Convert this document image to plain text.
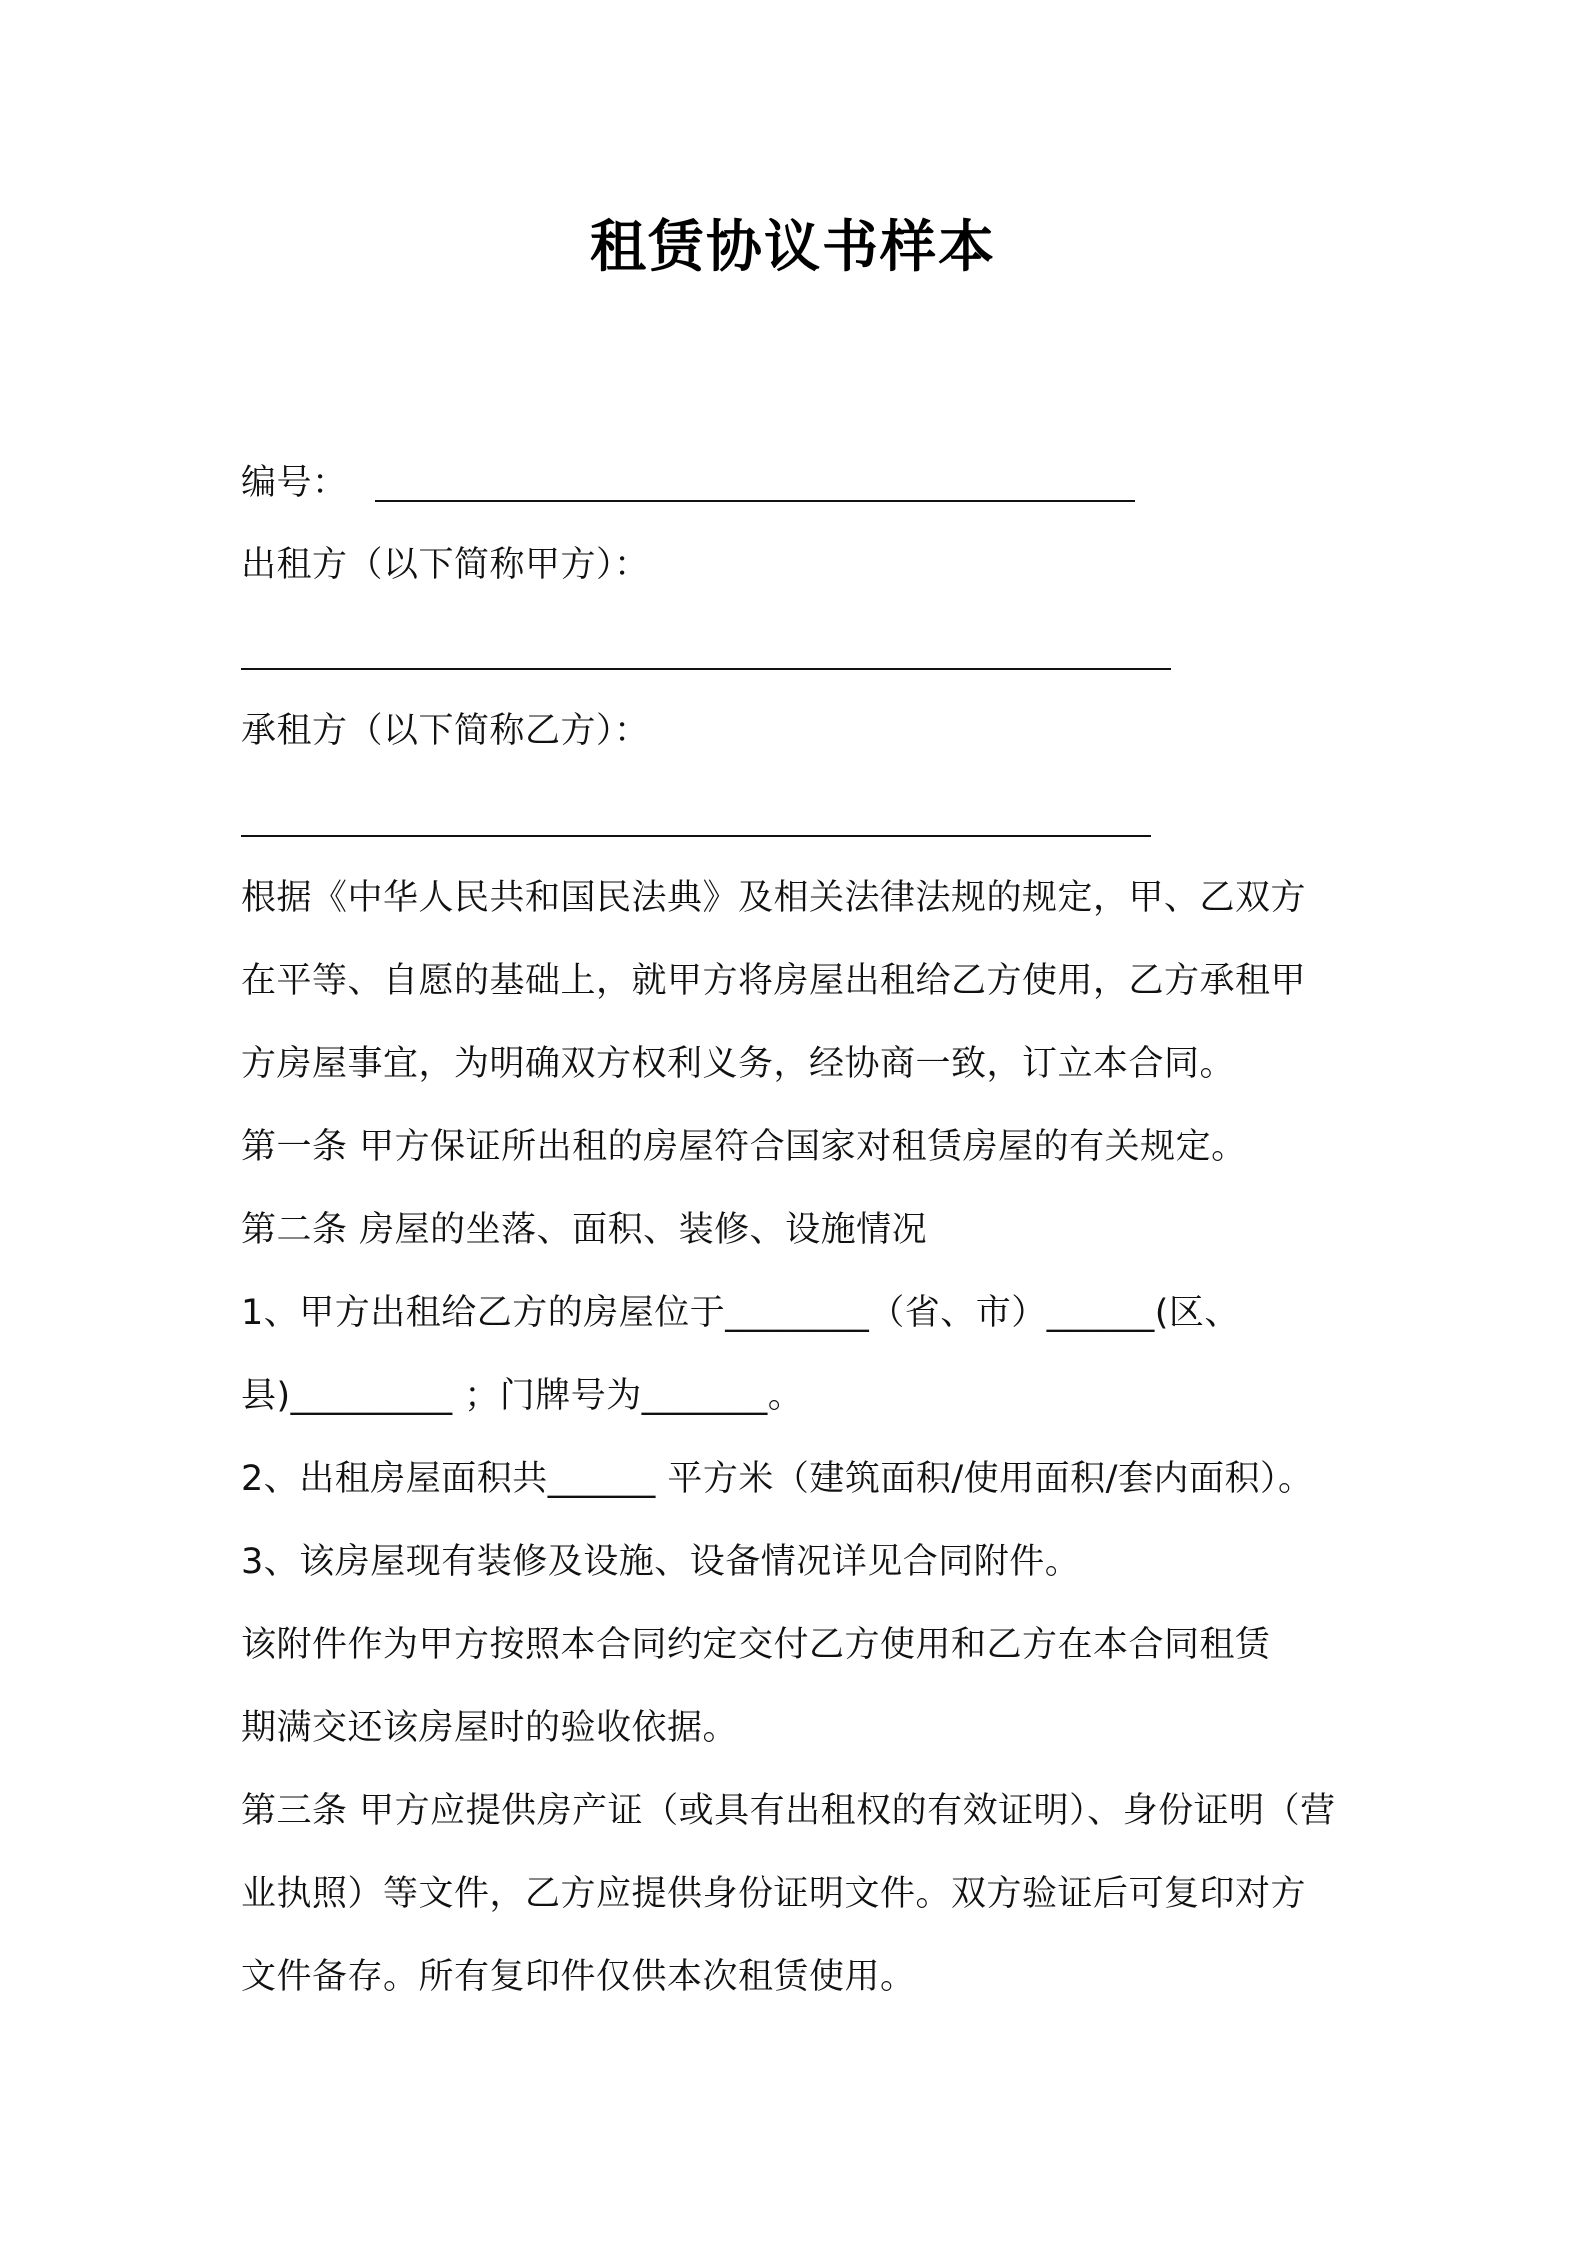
租赁协议书样本
编号：
出租方（以下简称甲方）：
承租方（以下简称乙方）：
根据《中华人民共和国民法典》及相关法律法规的规定，甲、乙双方
在平等、自愿的基础上，就甲方将房屋出租给乙方使用，乙方承租甲
方房屋事宜，为明确双方权利义务，经协商一致，订立本合同。
第一条 甲方保证所出租的房屋符合国家对租赁房屋的有关规定。
第二条 房屋的坐落、面积、装修、设施情况
1、甲方出租给乙方的房屋位于________（省、市）______(区、
县)_________ ；门牌号为_______。
2、出租房屋面积共______ 平方米（建筑面积/使用面积/套内面积）。
3、该房屋现有装修及设施、设备情况详见合同附件。
该附件作为甲方按照本合同约定交付乙方使用和乙方在本合同租赁
期满交还该房屋时的验收依据。
第三条 甲方应提供房产证（或具有出租权的有效证明）、身份证明（营
业执照）等文件，乙方应提供身份证明文件。双方验证后可复印对方
文件备存。所有复印件仅供本次租赁使用。
